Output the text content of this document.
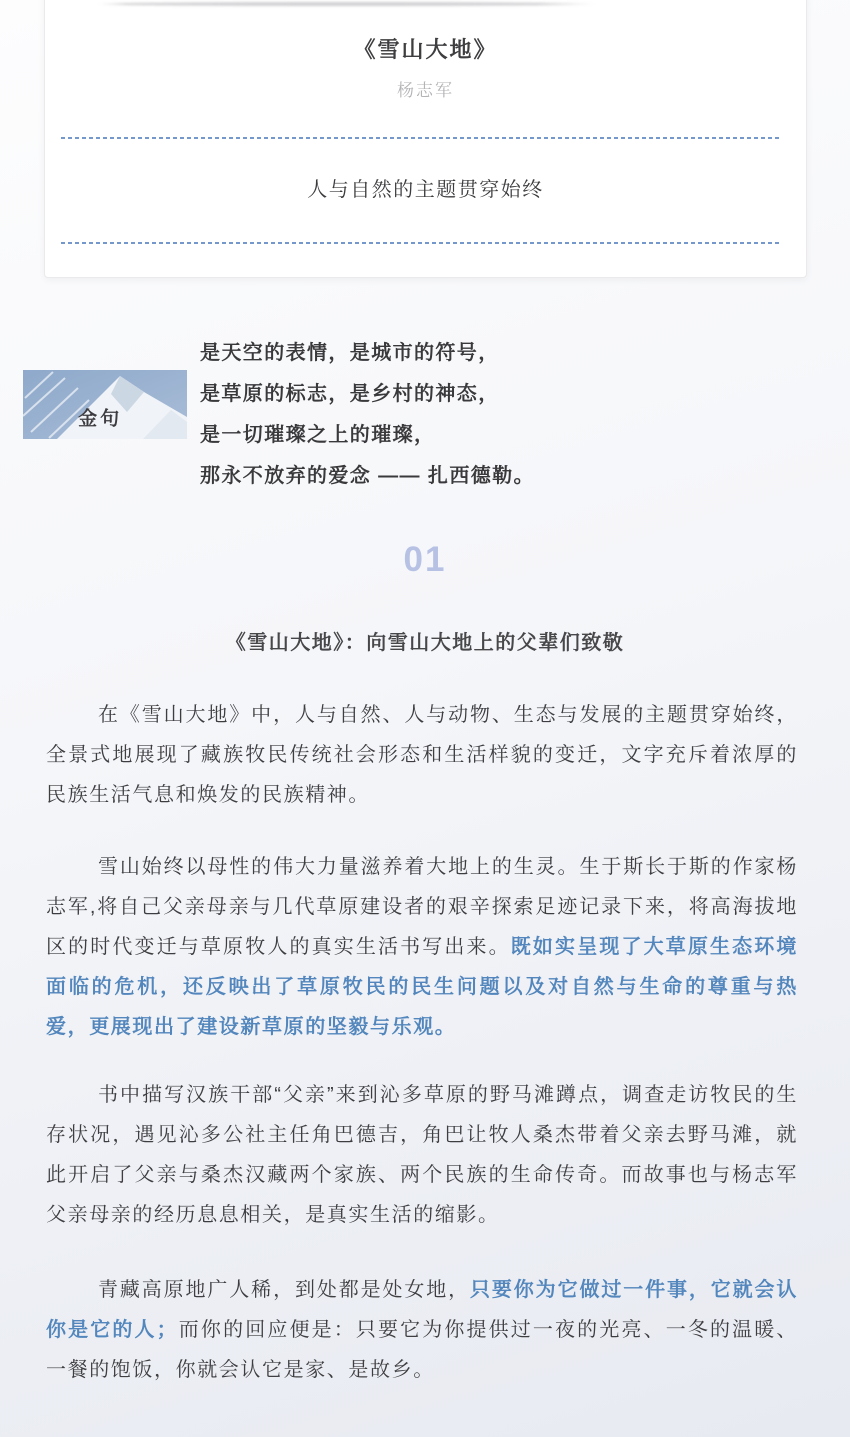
《雪山大地》
杨志军
人与自然的主题贯穿始终
金句
是天空的表情，是城市的符号，
是草原的标志，是乡村的神态，
是一切璀璨之上的璀璨，
那永不放弃的爱念 —— 扎西德勒。
01
《雪山大地》：向雪山大地上的父辈们致敬

在《雪山大地》中，人与自然、人与动物、生态与发展的主题贯穿始终，全景式地展现了藏族牧民传统社会形态和生活样貌的变迁，文字充斥着浓厚的民族生活气息和焕发的民族精神。

雪山始终以母性的伟大力量滋养着大地上的生灵。生于斯长于斯的作家杨志军,将自己父亲母亲与几代草原建设者的艰辛探索足迹记录下来，将高海拔地区的时代变迁与草原牧人的真实生活书写出来。既如实呈现了大草原生态环境面临的危机，还反映出了草原牧民的民生问题以及对自然与生命的尊重与热爱，更展现出了建设新草原的坚毅与乐观。

书中描写汉族干部“父亲”来到沁多草原的野马滩蹲点，调查走访牧民的生存状况，遇见沁多公社主任角巴德吉，角巴让牧人桑杰带着父亲去野马滩，就此开启了父亲与桑杰汉藏两个家族、两个民族的生命传奇。而故事也与杨志军父亲母亲的经历息息相关，是真实生活的缩影。

青藏高原地广人稀，到处都是处女地，只要你为它做过一件事，它就会认你是它的人；而你的回应便是：只要它为你提供过一夜的光亮、一冬的温暖、一餐的饱饭，你就会认它是家、是故乡。
